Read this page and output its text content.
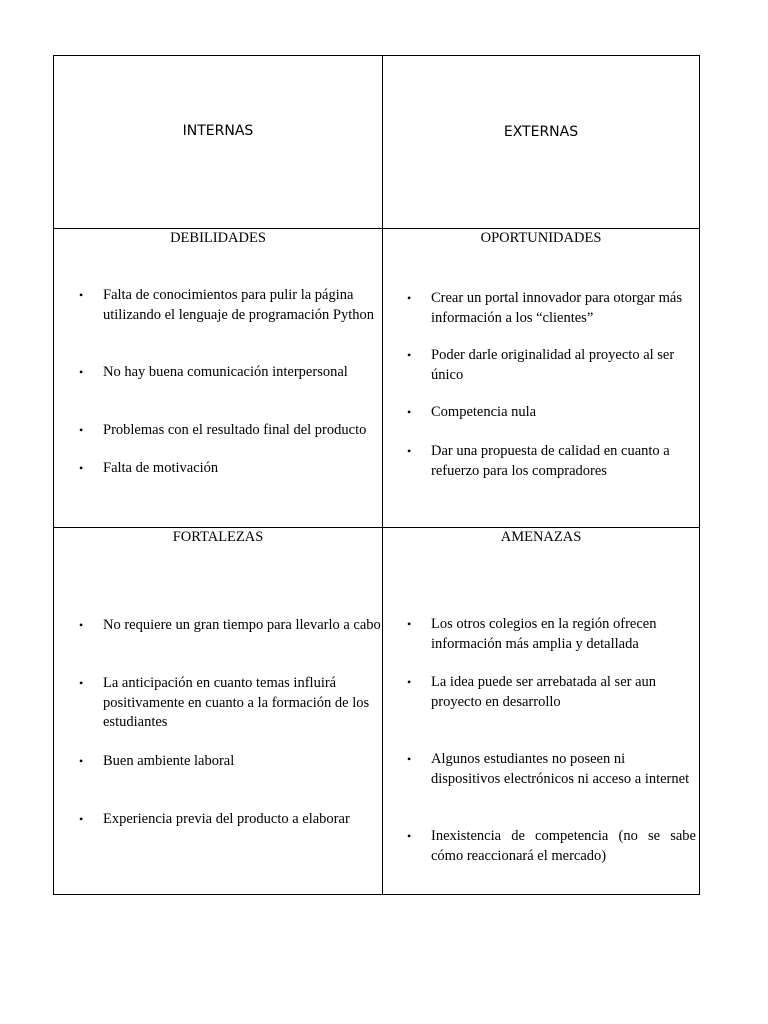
INTERNAS	EXTERNAS
DEBILIDADES
• Falta de conocimientos para pulir la página utilizando el lenguaje de programación Python
• No hay buena comunicación interpersonal
• Problemas con el resultado final del producto
• Falta de motivación
OPORTUNIDADES
• Crear un portal innovador para otorgar más información a los “clientes”
• Poder darle originalidad al proyecto al ser único
• Competencia nula
• Dar una propuesta de calidad en cuanto a refuerzo para los compradores
FORTALEZAS
• No requiere un gran tiempo para llevarlo a cabo
• La anticipación en cuanto temas influirá positivamente en cuanto a la formación de los estudiantes
• Buen ambiente laboral
• Experiencia previa del producto a elaborar
AMENAZAS
• Los otros colegios en la región ofrecen información más amplia y detallada
• La idea puede ser arrebatada al ser aun proyecto en desarrollo
• Algunos estudiantes no poseen ni dispositivos electrónicos ni acceso a internet
• Inexistencia de competencia (no se sabe cómo reaccionará el mercado)
